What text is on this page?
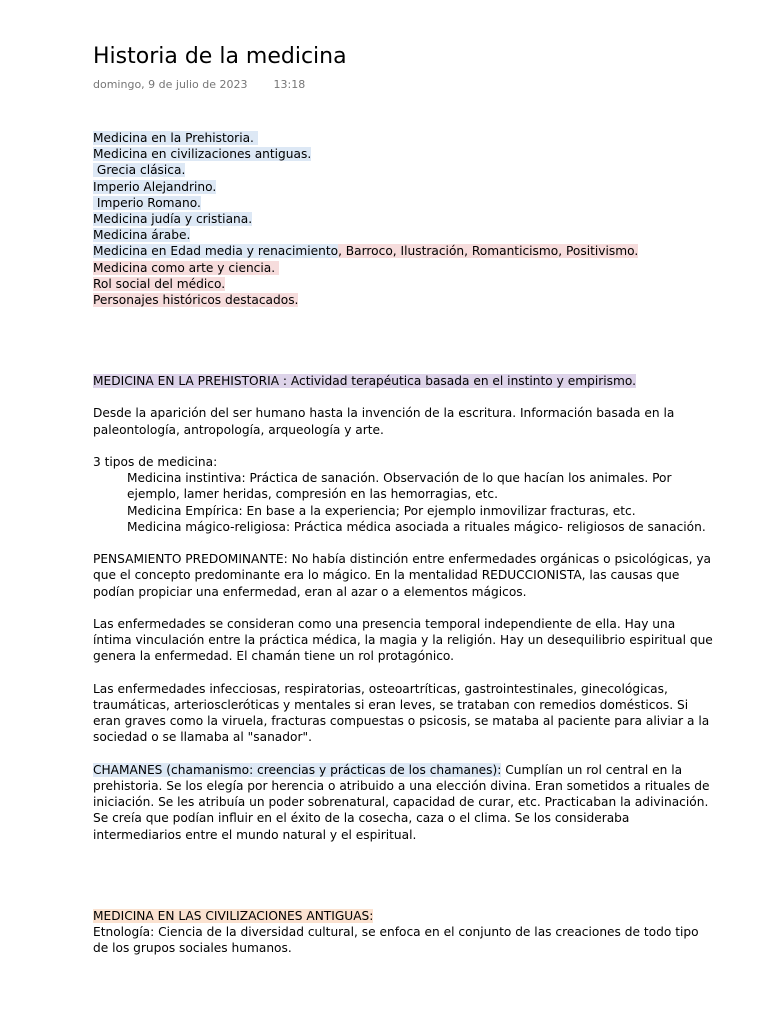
Historia de la medicina
domingo, 9 de julio de 2023 13:18
Medicina en la Prehistoria.
Medicina en civilizaciones antiguas.
Grecia clásica.
Imperio Alejandrino.
Imperio Romano.
Medicina judía y cristiana.
Medicina árabe.
Medicina en Edad media y renacimiento, Barroco, Ilustración, Romanticismo, Positivismo.
Medicina como arte y ciencia.
Rol social del médico.
Personajes históricos destacados.
MEDICINA EN LA PREHISTORIA : Actividad terapéutica basada en el instinto y empirismo.

Desde la aparición del ser humano hasta la invención de la escritura. Información basada en la paleontología, antropología, arqueología y arte.

3 tipos de medicina:

Medicina instintiva: Práctica de sanación. Observación de lo que hacían los animales. Por ejemplo, lamer heridas, compresión en las hemorragias, etc.

Medicina Empírica: En base a la experiencia; Por ejemplo inmovilizar fracturas, etc.

Medicina mágico-religiosa: Práctica médica asociada a rituales mágico- religiosos de sanación.

PENSAMIENTO PREDOMINANTE: No había distinción entre enfermedades orgánicas o psicológicas, ya que el concepto predominante era lo mágico. En la mentalidad REDUCCIONISTA, las causas que podían propiciar una enfermedad, eran al azar o a elementos mágicos.

Las enfermedades se consideran como una presencia temporal independiente de ella. Hay una íntima vinculación entre la práctica médica, la magia y la religión. Hay un desequilibrio espiritual que genera la enfermedad. El chamán tiene un rol protagónico.

Las enfermedades infecciosas, respiratorias, osteoartríticas, gastrointestinales, ginecológicas, traumáticas, arterioscleróticas y mentales si eran leves, se trataban con remedios domésticos. Si eran graves como la viruela, fracturas compuestas o psicosis, se mataba al paciente para aliviar a la sociedad o se llamaba al "sanador".

CHAMANES (chamanismo: creencias y prácticas de los chamanes): Cumplían un rol central en la prehistoria. Se los elegía por herencia o atribuido a una elección divina. Eran sometidos a rituales de iniciación. Se les atribuía un poder sobrenatural, capacidad de curar, etc. Practicaban la adivinación. Se creía que podían influir en el éxito de la cosecha, caza o el clima. Se los consideraba intermediarios entre el mundo natural y el espiritual.

MEDICINA EN LAS CIVILIZACIONES ANTIGUAS:

Etnología: Ciencia de la diversidad cultural, se enfoca en el conjunto de las creaciones de todo tipo de los grupos sociales humanos.
